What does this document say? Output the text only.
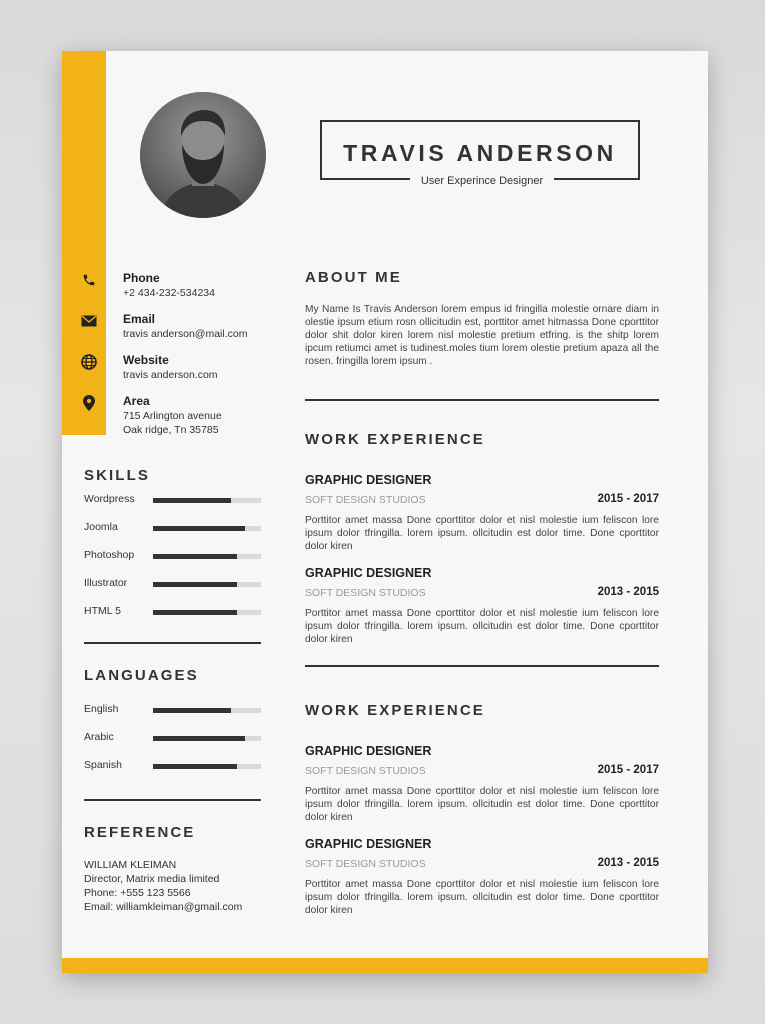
TRAVIS ANDERSON
User Experince Designer
Phone
+2 434-232-534234
Email
travis anderson@mail.com
Website
travis anderson.com
Area
715 Arlington avenue
Oak ridge, Tn 35785
SKILLS
Wordpress
Joomla
Photoshop
Illustrator
HTML 5
LANGUAGES
English
Arabic
Spanish
REFERENCE
WILLIAM KLEIMAN
Director, Matrix media limited
Phone: +555 123 5566
Email: williamkleiman@gmail.com
ABOUT ME
My Name Is Travis Anderson lorem empus id fringilla molestie ornare diam in olestie ipsum etium rosn ollicitudin est, porttitor amet hitmassa Done cporttitor dolor shit dolor kiren lorem nisl molestie pretium etfring. is the shitp lorem ipcum retiumci amet is tudinest.moles tium lorem olestie pretium apaza all the rosen. fringilla lorem ipsum .
WORK EXPERIENCE
GRAPHIC DESIGNER
SOFT DESIGN STUDIOS	2015 - 2017
Porttitor amet massa Done cporttitor dolor et nisl molestie ium feliscon lore ipsum dolor tfringilla. lorem ipsum. ollcitudin est dolor time. Done cporttitor dolor kiren
GRAPHIC DESIGNER
SOFT DESIGN STUDIOS	2013 - 2015
Porttitor amet massa Done cporttitor dolor et nisl molestie ium feliscon lore ipsum dolor tfringilla. lorem ipsum. ollcitudin est dolor time. Done cporttitor dolor kiren
WORK EXPERIENCE
GRAPHIC DESIGNER
SOFT DESIGN STUDIOS	2015 - 2017
Porttitor amet massa Done cporttitor dolor et nisl molestie ium feliscon lore ipsum dolor tfringilla. lorem ipsum. ollcitudin est dolor time. Done cporttitor dolor kiren
GRAPHIC DESIGNER
SOFT DESIGN STUDIOS	2013 - 2015
Porttitor amet massa Done cporttitor dolor et nisl molestie ium feliscon lore ipsum dolor tfringilla. lorem ipsum. ollcitudin est dolor time. Done cporttitor dolor kiren
